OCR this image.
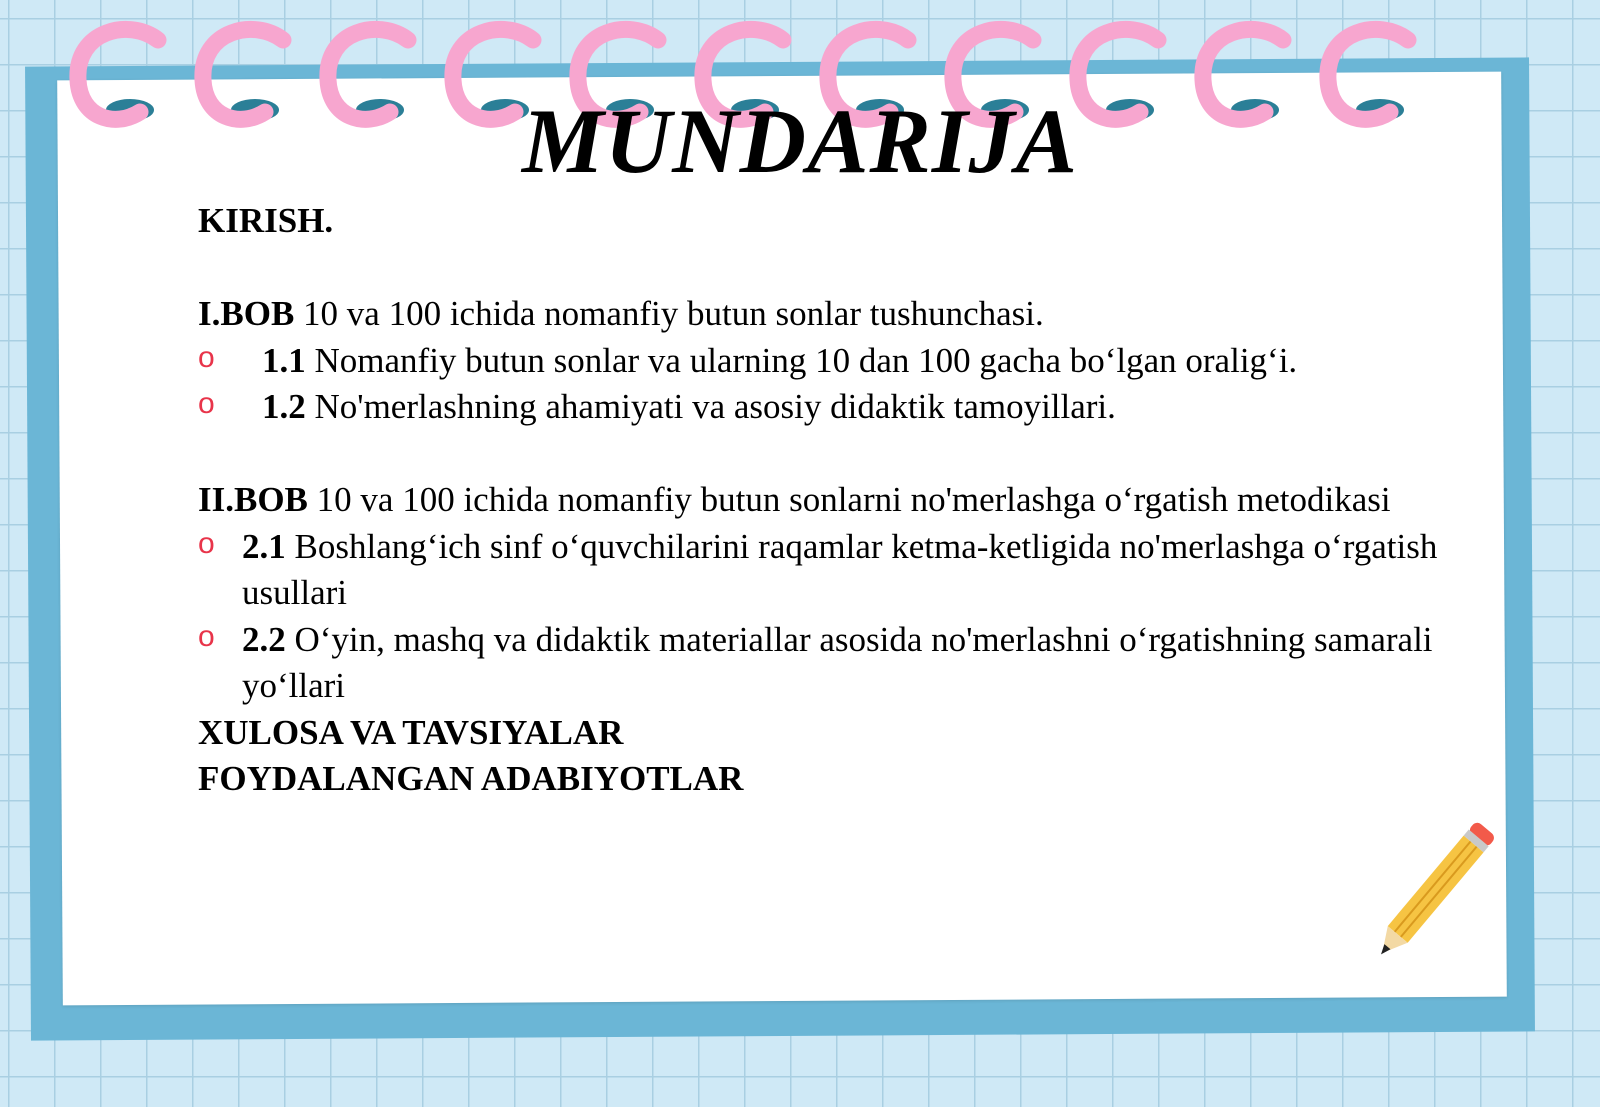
MUNDARIJA

KIRISH.

I.BOB 10 va 100 ichida nomanfiy butun sonlar tushunchasi.

o 1.1 Nomanfiy butun sonlar va ularning 10 dan 100 gacha bo‘lgan oralig‘i.
o 1.2 No'merlashning ahamiyati va asosiy didaktik tamoyillari.

II.BOB 10 va 100 ichida nomanfiy butun sonlarni no'merlashga o‘rgatish metodikasi

o 2.1 Boshlang‘ich sinf o‘quvchilarini raqamlar ketma-ketligida no'merlashga o‘rgatish usullari
o 2.2 O‘yin, mashq va didaktik materiallar asosida no'merlashni o‘rgatishning samarali yo‘llari

XULOSA VA TAVSIYALAR

FOYDALANGAN ADABIYOTLAR
